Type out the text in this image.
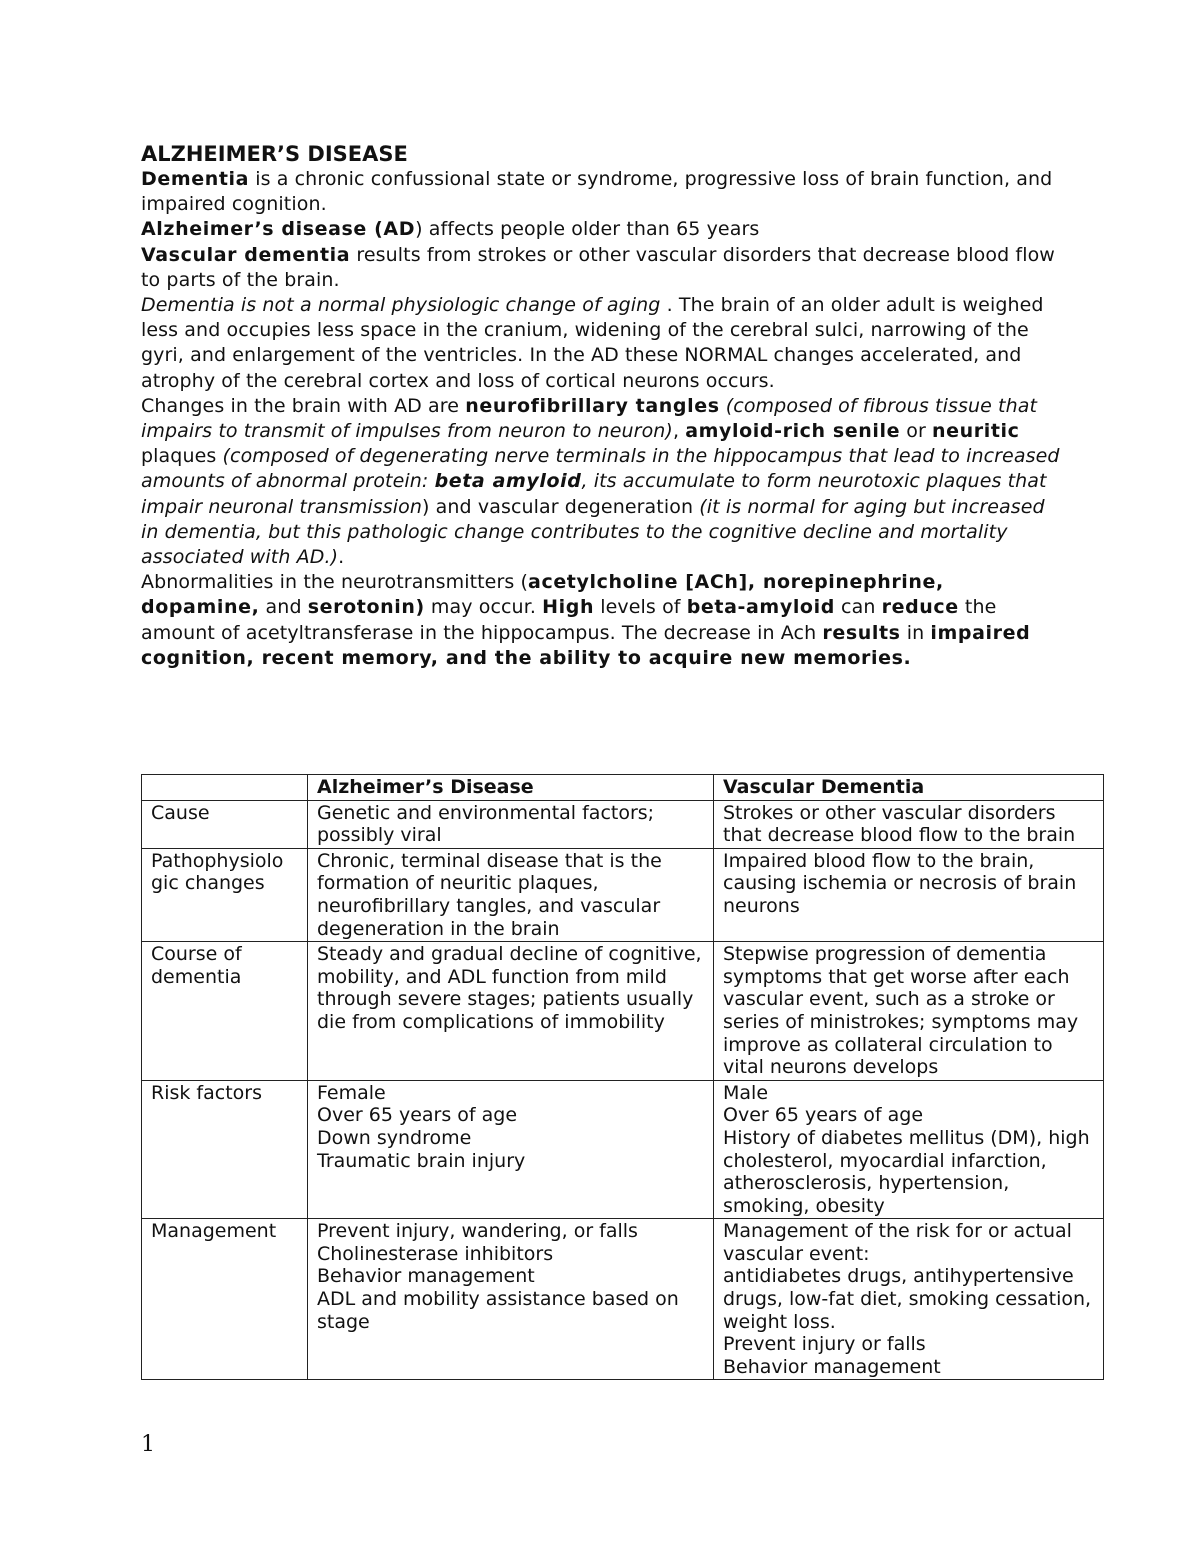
ALZHEIMER’S DISEASE

Dementia is a chronic confussional state or syndrome, progressive loss of brain function, and impaired cognition.

Alzheimer’s disease (AD) affects people older than 65 years

Vascular dementia results from strokes or other vascular disorders that decrease blood flow to parts of the brain.

Dementia is not a normal physiologic change of aging . The brain of an older adult is weighed less and occupies less space in the cranium, widening of the cerebral sulci, narrowing of the gyri, and enlargement of the ventricles. In the AD these NORMAL changes accelerated, and atrophy of the cerebral cortex and loss of cortical neurons occurs.

Changes in the brain with AD are neurofibrillary tangles (composed of fibrous tissue that impairs to transmit of impulses from neuron to neuron), amyloid-rich senile or neuritic plaques (composed of degenerating nerve terminals in the hippocampus that lead to increased amounts of abnormal protein: beta amyloid, its accumulate to form neurotoxic plaques that impair neuronal transmission) and vascular degeneration (it is normal for aging but increased in dementia, but this pathologic change contributes to the cognitive decline and mortality associated with AD.).

Abnormalities in the neurotransmitters (acetylcholine [ACh], norepinephrine, dopamine, and serotonin) may occur. High levels of beta-amyloid can reduce the amount of acetyltransferase in the hippocampus. The decrease in Ach results in impaired cognition, recent memory, and the ability to acquire new memories.

	Alzheimer’s Disease	Vascular Dementia
Cause	Genetic and environmental factors; possibly viral	Strokes or other vascular disorders that decrease blood flow to the brain

Pathophysiolo gic changes	Chronic, terminal disease that is the formation of neuritic plaques, neurofibrillary tangles, and vascular degeneration in the brain	Impaired blood flow to the brain, causing ischemia or necrosis of brain neurons

Course of dementia	Steady and gradual decline of cognitive, mobility, and ADL function from mild through severe stages; patients usually die from complications of immobility	Stepwise progression of dementia symptoms that get worse after each vascular event, such as a stroke or series of ministrokes; symptoms may improve as collateral circulation to vital neurons develops

Risk factors	Female
Over 65 years of age
Down syndrome
Traumatic brain injury	Male
Over 65 years of age
History of diabetes mellitus (DM), high cholesterol, myocardial infarction, atherosclerosis, hypertension, smoking, obesity

Management	Prevent injury, wandering, or falls
Cholinesterase inhibitors
Behavior management
ADL and mobility assistance based on stage	Management of the risk for or actual vascular event:
antidiabetes drugs, antihypertensive drugs, low-fat diet, smoking cessation, weight loss.
Prevent injury or falls
Behavior management
1
